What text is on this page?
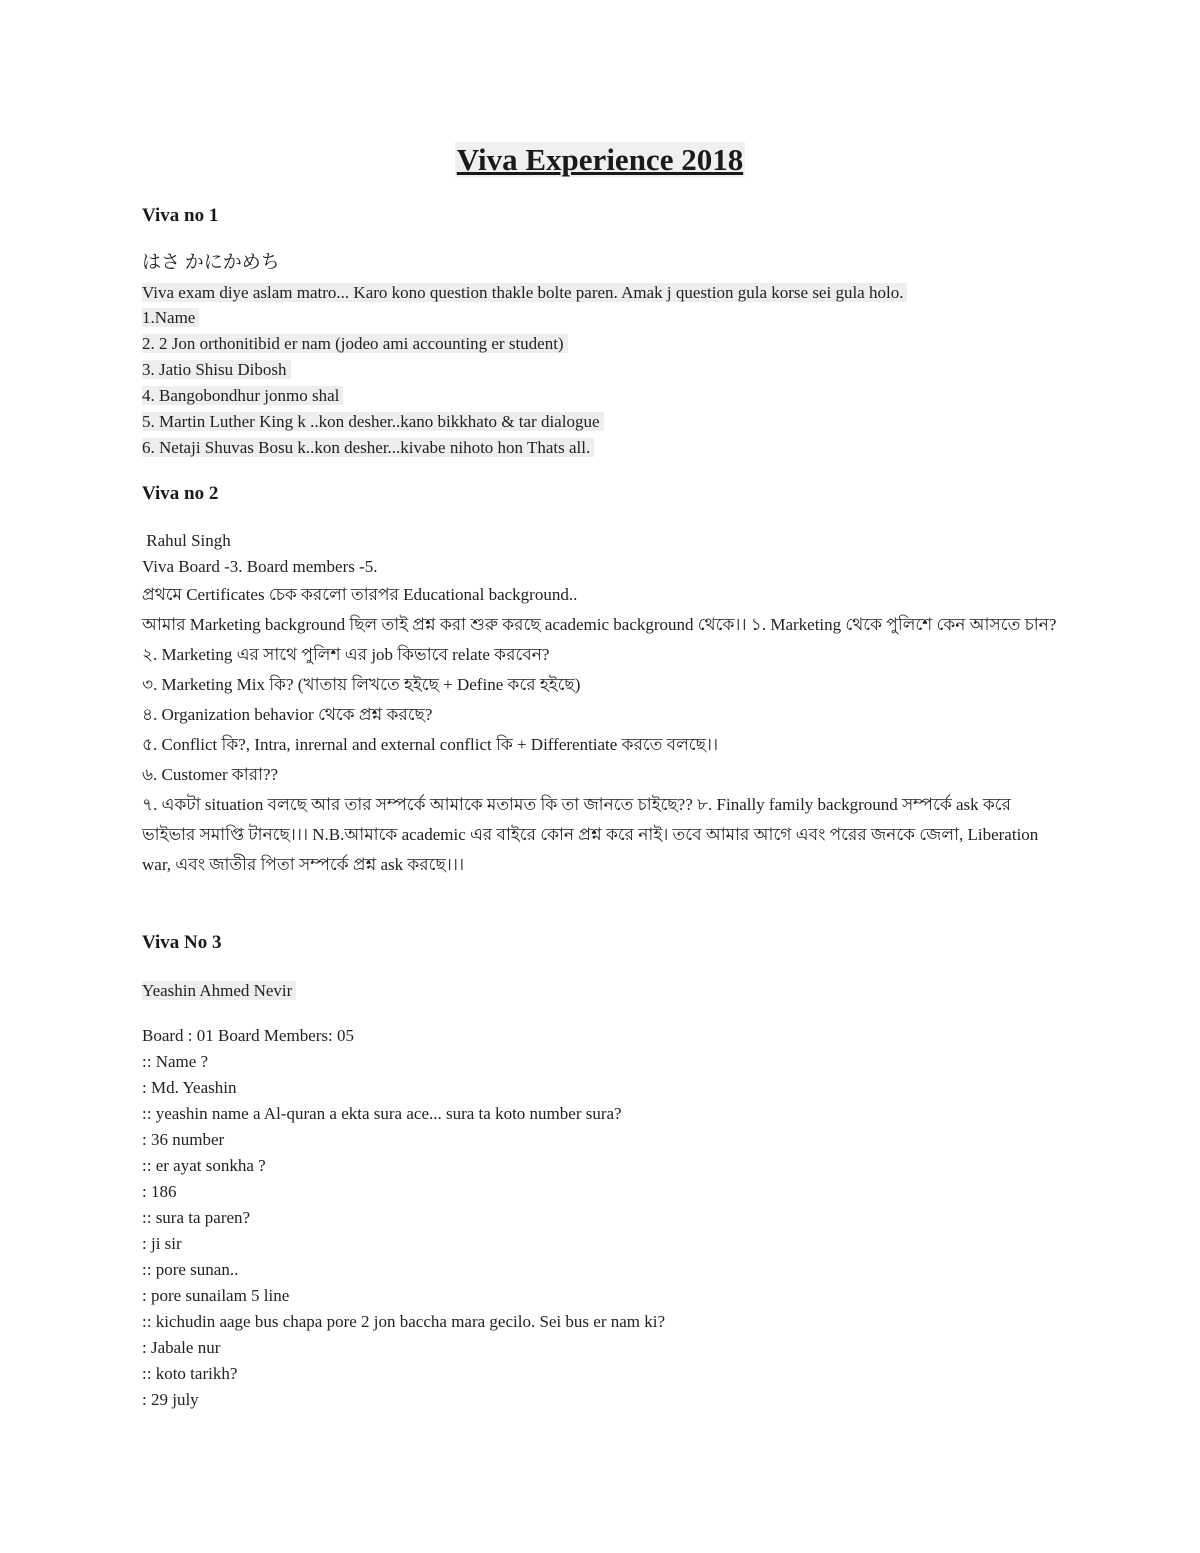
Viva Experience 2018
Viva no 1
はさ かにかめち
Viva exam diye aslam matro... Karo kono question thakle bolte paren. Amak j question gula korse sei gula holo.
1.Name
2. 2 Jon orthonitibid er nam (jodeo ami accounting er student)
3. Jatio Shisu Dibosh
4. Bangobondhur jonmo shal
5. Martin Luther King k ..kon desher..kano bikkhato & tar dialogue
6. Netaji Shuvas Bosu k..kon desher...kivabe nihoto hon Thats all.
Viva no 2
Rahul Singh
Viva Board -3. Board members -5.

প্রথমে Certificates চেক করলো তারপর Educational background..

আমার Marketing background ছিল তাই প্রশ্ন করা শুরু করছে academic background থেকে।। ১. Marketing থেকে পুলিশে কেন আসতে চান?

২. Marketing এর সাথে পুলিশ এর job কিভাবে relate করবেন?

৩. Marketing Mix কি? (খাতায় লিখতে হইছে + Define করে হইছে)

৪. Organization behavior থেকে প্রশ্ন করছে?

৫. Conflict কি?, Intra, inrernal and external conflict কি + Differentiate করতে বলছে।।

৬. Customer কারা??

৭. একটা situation বলছে আর তার সম্পর্কে আমাকে মতামত কি তা জানতে চাইছে?? ৮. Finally family background সম্পর্কে ask করে ভাইভার সমাপ্তি টানছে।।। N.B.আমাকে academic এর বাইরে কোন প্রশ্ন করে নাই। তবে আমার আগে এবং পরের জনকে জেলা, Liberation war, এবং জাতীর পিতা সম্পর্কে প্রশ্ন ask করছে।।।

Viva No 3
Yeashin Ahmed Nevir
Board : 01 Board Members: 05
:: Name ?
: Md. Yeashin
:: yeashin name a Al-quran a ekta sura ace... sura ta koto number sura?
: 36 number
:: er ayat sonkha ?
: 186
:: sura ta paren?
: ji sir
:: pore sunan..
: pore sunailam 5 line
:: kichudin aage bus chapa pore 2 jon baccha mara gecilo. Sei bus er nam ki?
: Jabale nur
:: koto tarikh?
: 29 july
